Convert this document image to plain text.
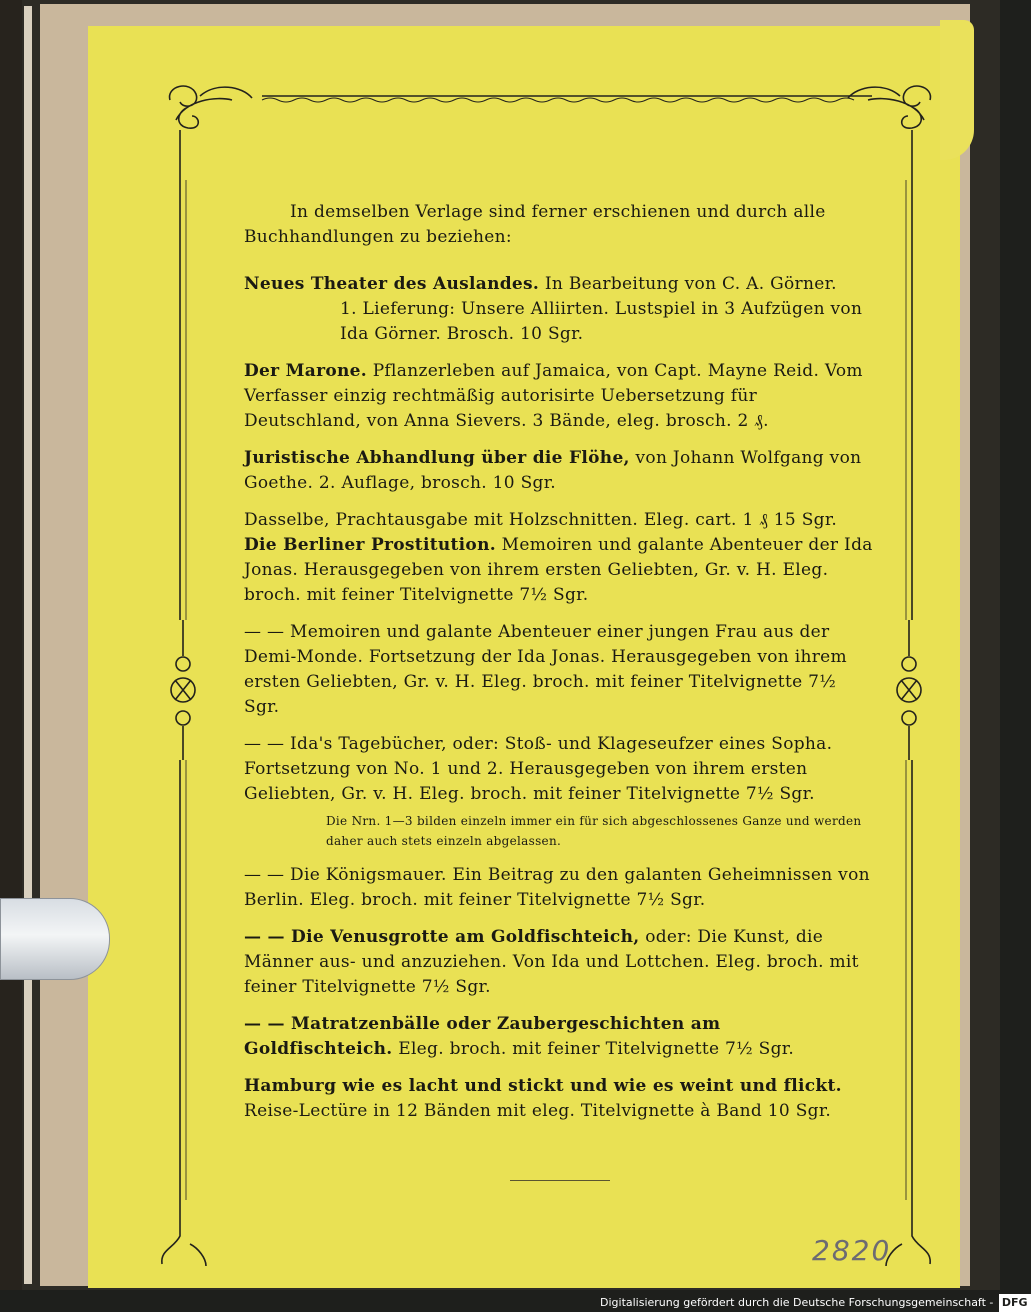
In demselben Verlage sind ferner erschienen und durch alle Buchhandlungen zu beziehen:

Neues Theater des Auslandes. In Bearbeitung von C. A. Görner.

1. Lieferung: Unsere Alliirten. Lustspiel in 3 Aufzügen von Ida Görner. Brosch. 10 Sgr.

Der Marone. Pflanzerleben auf Jamaica, von Capt. Mayne Reid. Vom Verfasser einzig rechtmäßig autorisirte Uebersetzung für Deutschland, von Anna Sievers. 3 Bände, eleg. brosch. 2 ₰.

Juristische Abhandlung über die Flöhe, von Johann Wolfgang von Goethe. 2. Auflage, brosch. 10 Sgr.

Dasselbe, Prachtausgabe mit Holzschnitten. Eleg. cart. 1 ₰ 15 Sgr.

Die Berliner Prostitution. Memoiren und galante Abenteuer der Ida Jonas. Herausgegeben von ihrem ersten Geliebten, Gr. v. H. Eleg. broch. mit feiner Titelvignette 7½ Sgr.

— — Memoiren und galante Abenteuer einer jungen Frau aus der Demi-Monde. Fortsetzung der Ida Jonas. Herausgegeben von ihrem ersten Geliebten, Gr. v. H. Eleg. broch. mit feiner Titelvignette 7½ Sgr.

— — Ida's Tagebücher, oder: Stoß- und Klageseufzer eines Sopha. Fortsetzung von No. 1 und 2. Herausgegeben von ihrem ersten Geliebten, Gr. v. H. Eleg. broch. mit feiner Titelvignette 7½ Sgr.

Die Nrn. 1—3 bilden einzeln immer ein für sich abgeschlossenes Ganze und werden daher auch stets einzeln abgelassen.

— — Die Königsmauer. Ein Beitrag zu den galanten Geheimnissen von Berlin. Eleg. broch. mit feiner Titelvignette 7½ Sgr.

— — Die Venusgrotte am Goldfischteich, oder: Die Kunst, die Männer aus- und anzuziehen. Von Ida und Lottchen. Eleg. broch. mit feiner Titelvignette 7½ Sgr.

— — Matratzenbälle oder Zaubergeschichten am Goldfischteich. Eleg. broch. mit feiner Titelvignette 7½ Sgr.

Hamburg wie es lacht und stickt und wie es weint und flickt. Reise-Lectüre in 12 Bänden mit eleg. Titelvignette à Band 10 Sgr.

2820
Digitalisierung gefördert durch die Deutsche Forschungsgemeinschaft - DFG
